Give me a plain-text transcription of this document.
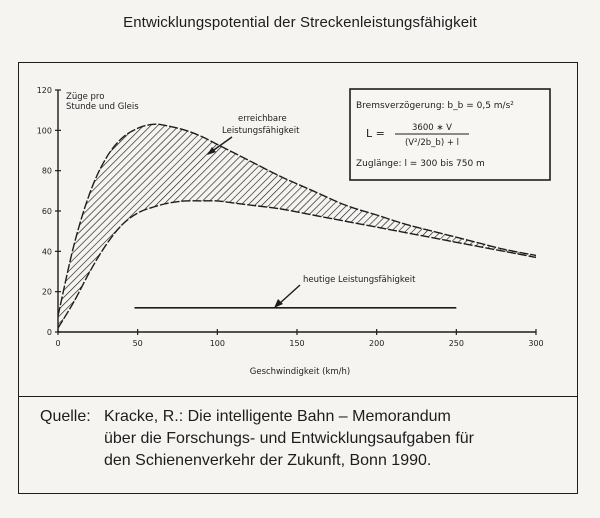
Entwicklungspotential der Streckenleistungsfähigkeit
0
20
40
60
80
100
120
0	50	100	150	200	250	300
Züge pro
Stunde und Gleis
Geschwindigkeit (km/h)
erreichbare
Leistungsfähigkeit
heutige Leistungsfähigkeit
Bremsverzögerung: b_b = 0,5 m/s²
L =	3600 ∗ V
(V²/2b_b) + l
Zuglänge: l = 300 bis 750 m
Quelle: Kracke, R.: Die intelligente Bahn – Memorandum
über die Forschungs- und Entwicklungsaufgaben für
den Schienenverkehr der Zukunft, Bonn 1990.
